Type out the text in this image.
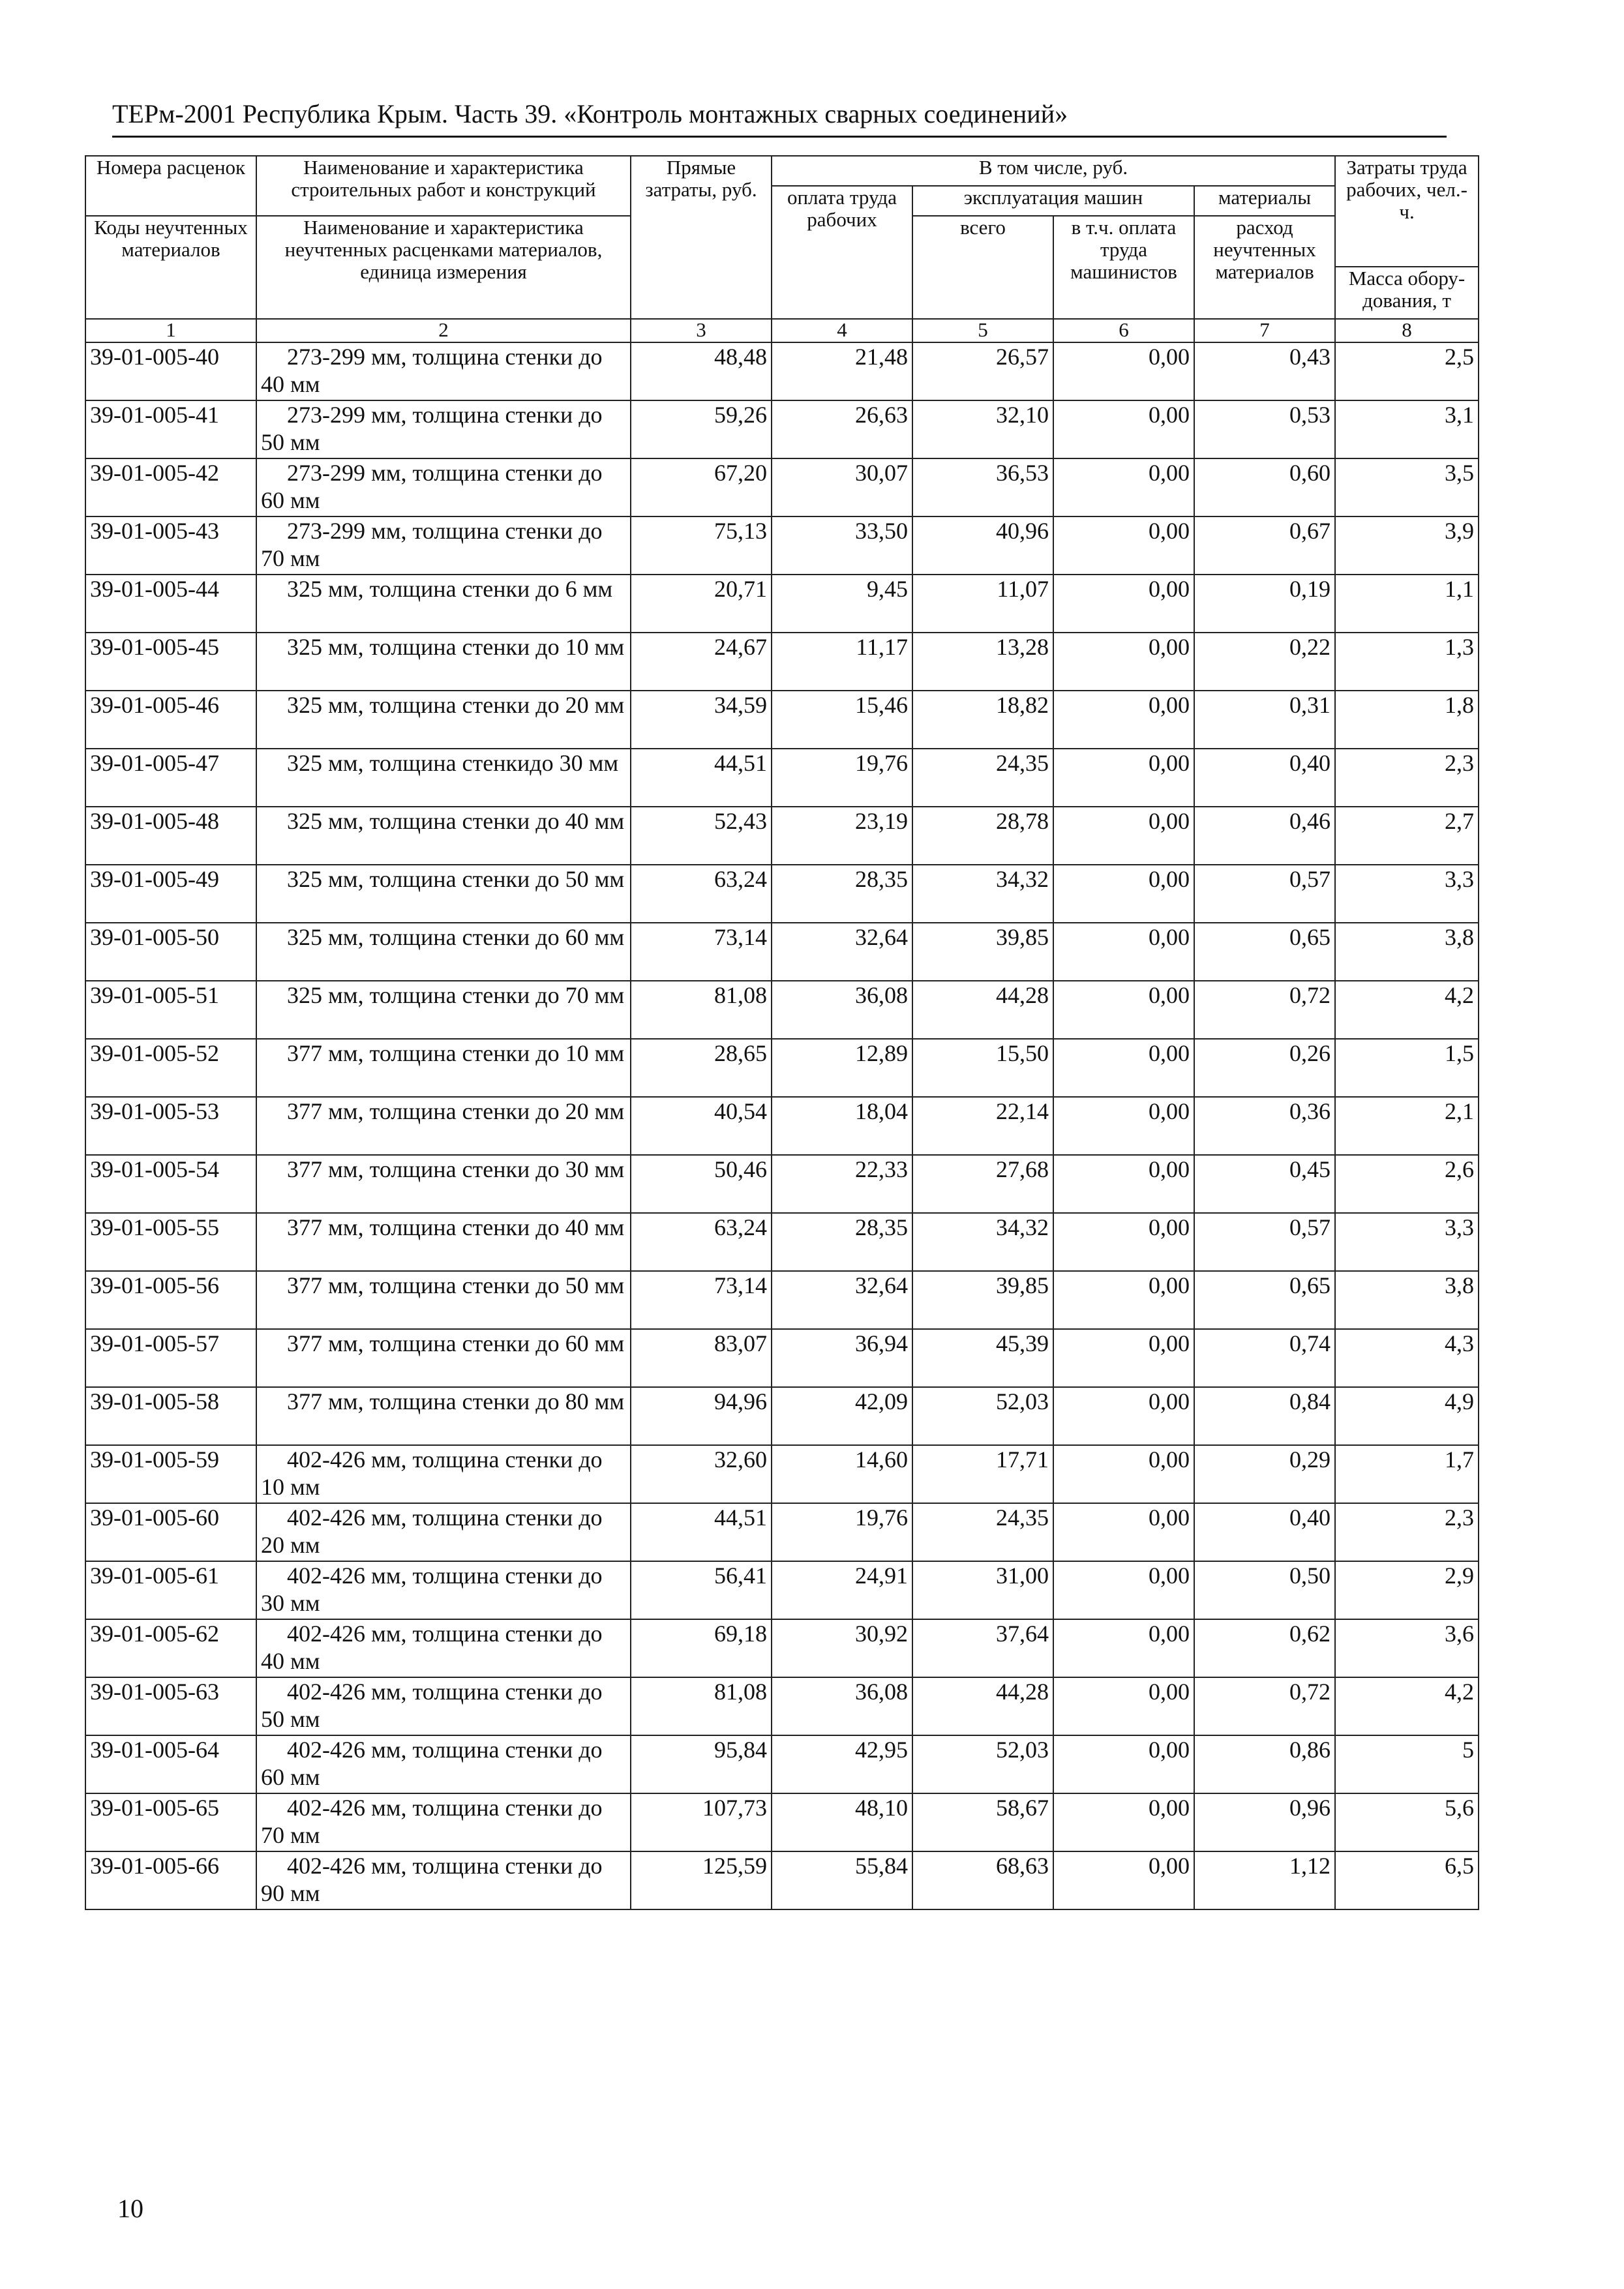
ТЕРм-2001 Республика Крым. Часть 39. «Контроль монтажных сварных соединений»
Номера расценок	Наименование и характеристика строительных работ и конструкций	Прямые затраты, руб.	В том числе, руб.				Затраты труда рабочих, чел.-ч.
			оплата труда рабочих	эксплуатация машин		материалы	
Коды неучтенных материалов	Наименование и характеристика неучтенных расценками материалов, единица измерения			всего	в т.ч. оплата труда машинистов	расход неучтенных материалов	
							Масса обору-дования, т
1	2	3	4	5	6	7	8
39-01-005-40	273-299 мм, толщина стенки до 40 мм	48,48	21,48	26,57	0,00	0,43	2,5
39-01-005-41	273-299 мм, толщина стенки до 50 мм	59,26	26,63	32,10	0,00	0,53	3,1
39-01-005-42	273-299 мм, толщина стенки до 60 мм	67,20	30,07	36,53	0,00	0,60	3,5
39-01-005-43	273-299 мм, толщина стенки до 70 мм	75,13	33,50	40,96	0,00	0,67	3,9
39-01-005-44	325 мм, толщина стенки до 6 мм	20,71	9,45	11,07	0,00	0,19	1,1
39-01-005-45	325 мм, толщина стенки до 10 мм	24,67	11,17	13,28	0,00	0,22	1,3
39-01-005-46	325 мм, толщина стенки до 20 мм	34,59	15,46	18,82	0,00	0,31	1,8
39-01-005-47	325 мм, толщина стенкидо 30 мм	44,51	19,76	24,35	0,00	0,40	2,3
39-01-005-48	325 мм, толщина стенки до 40 мм	52,43	23,19	28,78	0,00	0,46	2,7
39-01-005-49	325 мм, толщина стенки до 50 мм	63,24	28,35	34,32	0,00	0,57	3,3
39-01-005-50	325 мм, толщина стенки до 60 мм	73,14	32,64	39,85	0,00	0,65	3,8
39-01-005-51	325 мм, толщина стенки до 70 мм	81,08	36,08	44,28	0,00	0,72	4,2
39-01-005-52	377 мм, толщина стенки до 10 мм	28,65	12,89	15,50	0,00	0,26	1,5
39-01-005-53	377 мм, толщина стенки до 20 мм	40,54	18,04	22,14	0,00	0,36	2,1
39-01-005-54	377 мм, толщина стенки до 30 мм	50,46	22,33	27,68	0,00	0,45	2,6
39-01-005-55	377 мм, толщина стенки до 40 мм	63,24	28,35	34,32	0,00	0,57	3,3
39-01-005-56	377 мм, толщина стенки до 50 мм	73,14	32,64	39,85	0,00	0,65	3,8
39-01-005-57	377 мм, толщина стенки до 60 мм	83,07	36,94	45,39	0,00	0,74	4,3
39-01-005-58	377 мм, толщина стенки до 80 мм	94,96	42,09	52,03	0,00	0,84	4,9
39-01-005-59	402-426 мм, толщина стенки до 10 мм	32,60	14,60	17,71	0,00	0,29	1,7
39-01-005-60	402-426 мм, толщина стенки до 20 мм	44,51	19,76	24,35	0,00	0,40	2,3
39-01-005-61	402-426 мм, толщина стенки до 30 мм	56,41	24,91	31,00	0,00	0,50	2,9
39-01-005-62	402-426 мм, толщина стенки до 40 мм	69,18	30,92	37,64	0,00	0,62	3,6
39-01-005-63	402-426 мм, толщина стенки до 50 мм	81,08	36,08	44,28	0,00	0,72	4,2
39-01-005-64	402-426 мм, толщина стенки до 60 мм	95,84	42,95	52,03	0,00	0,86	5
39-01-005-65	402-426 мм, толщина стенки до 70 мм	107,73	48,10	58,67	0,00	0,96	5,6
39-01-005-66	402-426 мм, толщина стенки до 90 мм	125,59	55,84	68,63	0,00	1,12	6,5
10
